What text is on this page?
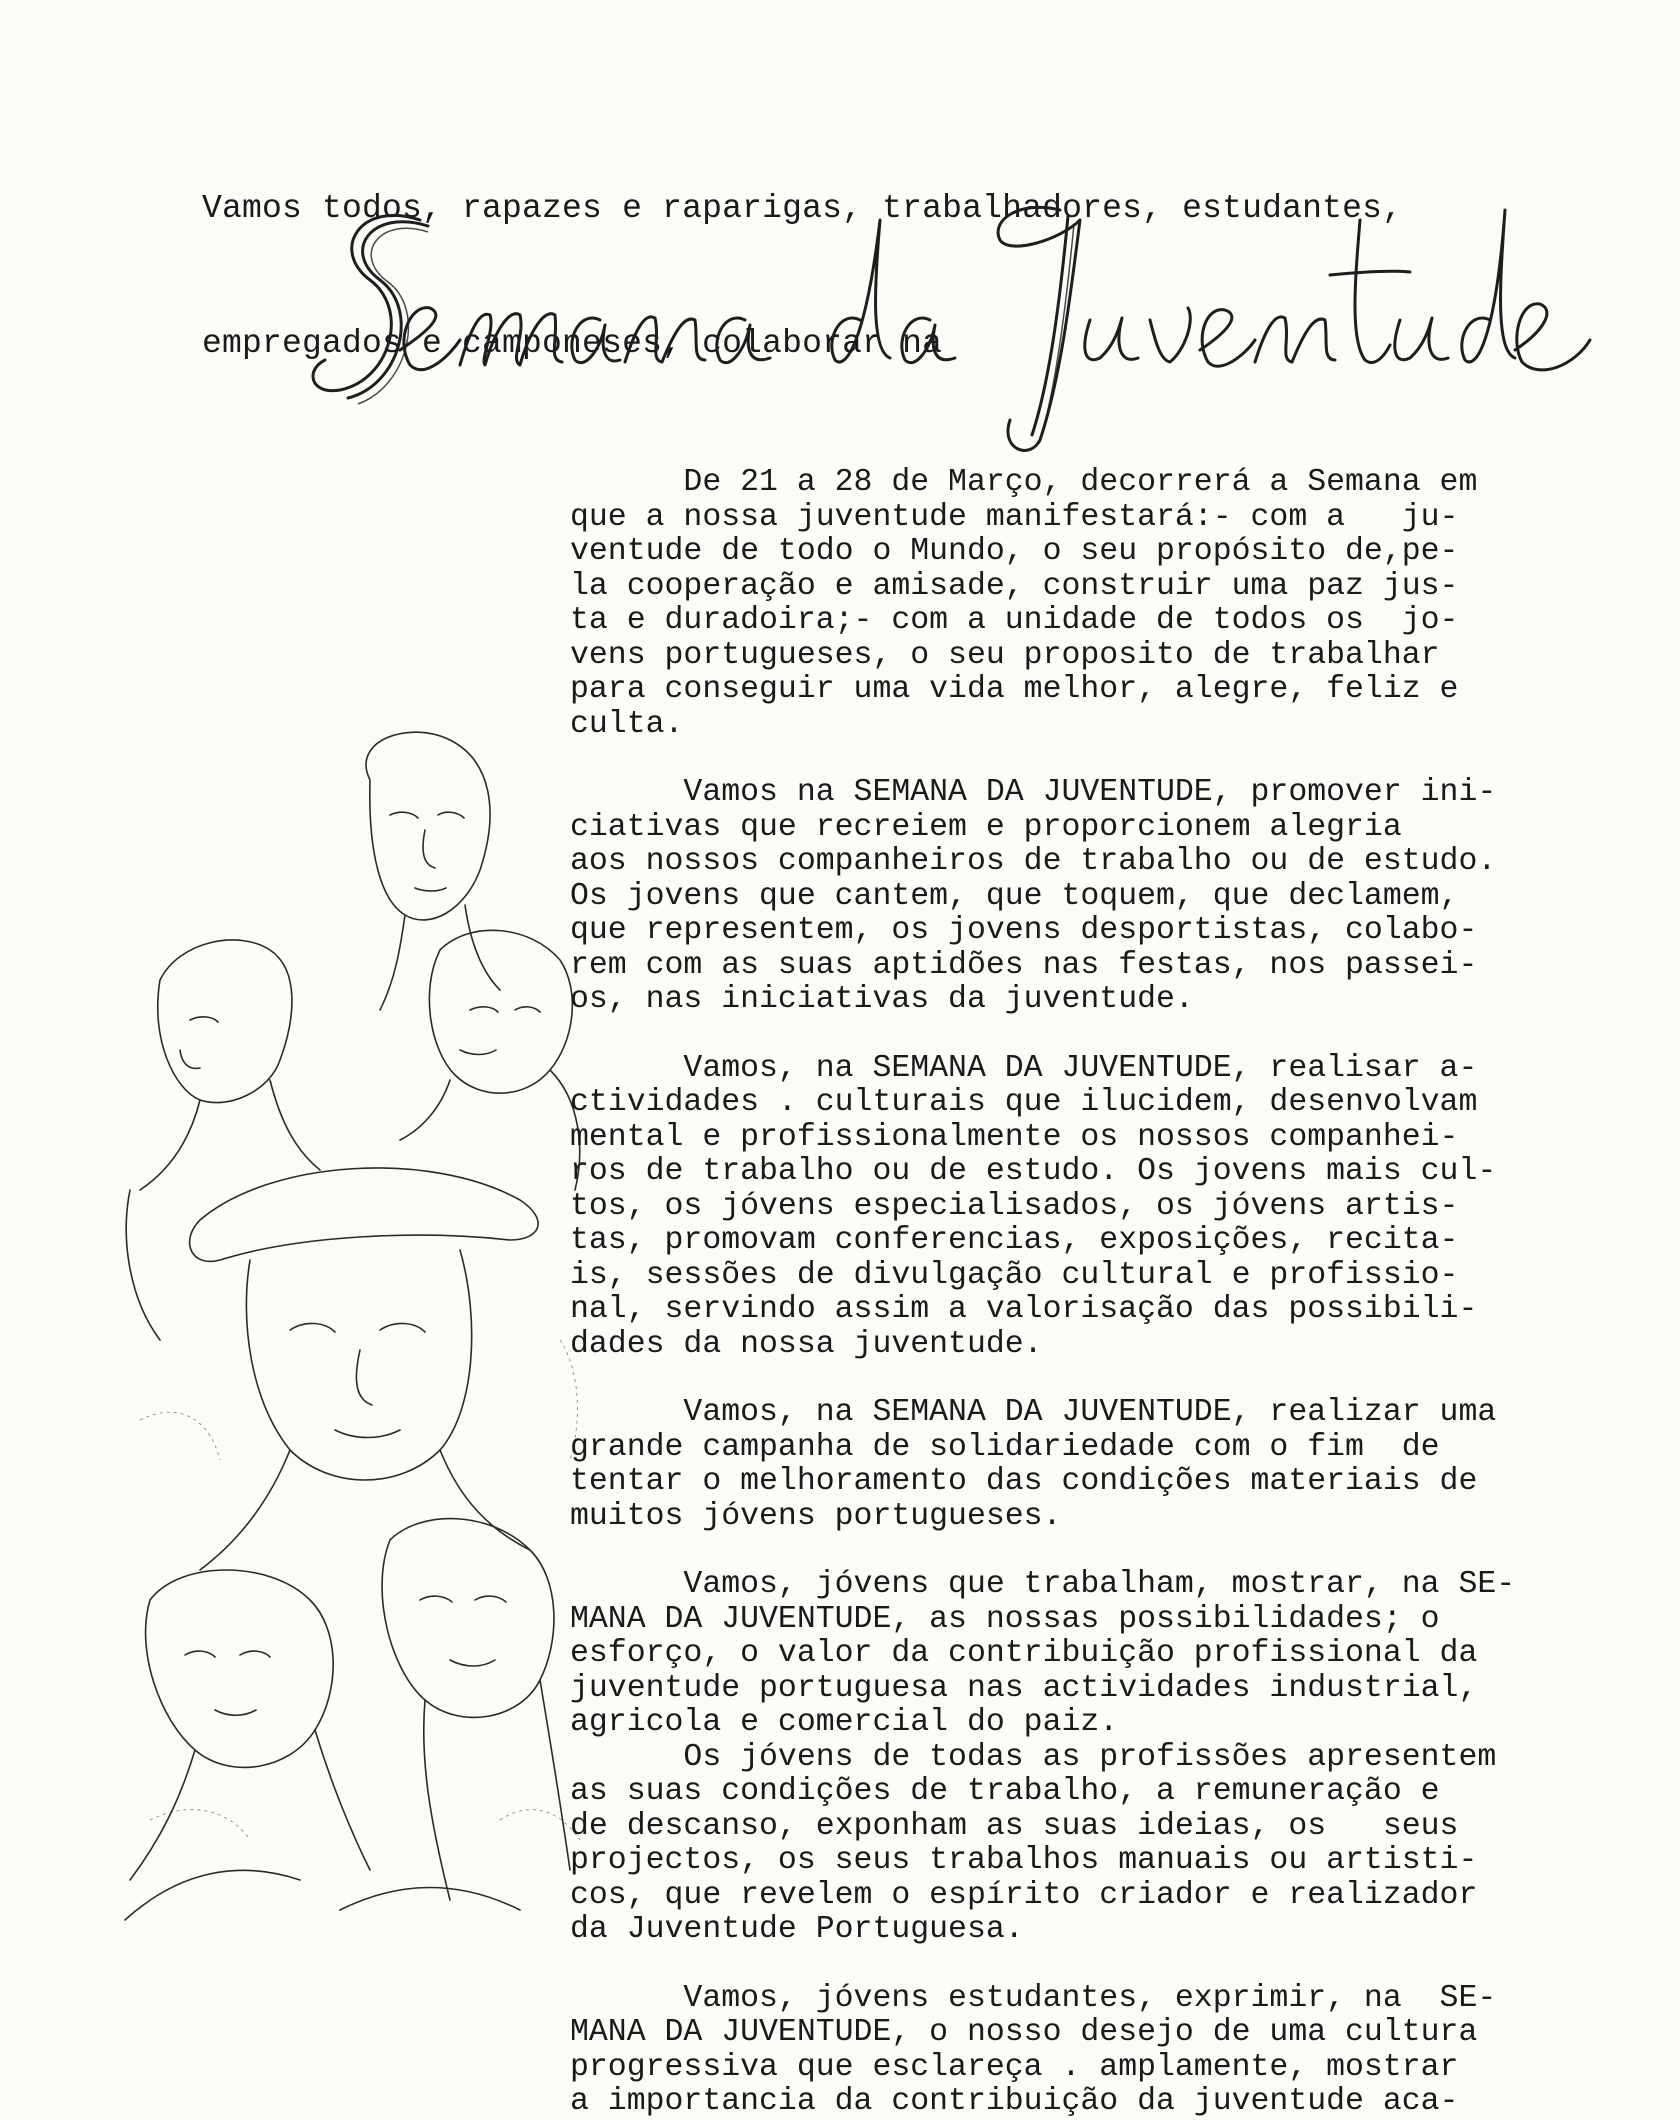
Vamos todos, rapazes e raparigas, trabalhadores, estudantes,

empregados e camponeses, colaborar na

De 21 a 28 de Março, decorrerá a Semana em
que a nossa juventude manifestará:- com a   ju-
ventude de todo o Mundo, o seu propósito de,pe-
la cooperação e amisade, construir uma paz jus-
ta e duradoira;- com a unidade de todos os  jo-
vens portugueses, o seu proposito de trabalhar
para conseguir uma vida melhor, alegre, feliz e
culta.
Vamos na SEMANA DA JUVENTUDE, promover ini-
ciativas que recreiem e proporcionem alegria
aos nossos companheiros de trabalho ou de estudo.
Os jovens que cantem, que toquem, que declamem,
que representem, os jovens desportistas, colabo-
rem com as suas aptidões nas festas, nos passei-
os, nas iniciativas da juventude.
Vamos, na SEMANA DA JUVENTUDE, realisar a-
ctividades . culturais que ilucidem, desenvolvam
mental e profissionalmente os nossos companhei-
ros de trabalho ou de estudo. Os jovens mais cul-
tos, os jóvens especialisados, os jóvens artis-
tas, promovam conferencias, exposições, recita-
is, sessões de divulgação cultural e profissio-
nal, servindo assim a valorisação das possibili-
dades da nossa juventude.
Vamos, na SEMANA DA JUVENTUDE, realizar uma
grande campanha de solidariedade com o fim  de
tentar o melhoramento das condições materiais de
muitos jóvens portugueses.
Vamos, jóvens que trabalham, mostrar, na SE-
MANA DA JUVENTUDE, as nossas possibilidades; o
esforço, o valor da contribuição profissional da
juventude portuguesa nas actividades industrial,
agricola e comercial do paiz.
Os jóvens de todas as profissões apresentem
as suas condições de trabalho, a remuneração e
de descanso, exponham as suas ideias, os   seus
projectos, os seus trabalhos manuais ou artisti-
cos, que revelem o espírito criador e realizador
da Juventude Portuguesa.
Vamos, jóvens estudantes, exprimir, na  SE-
MANA DA JUVENTUDE, o nosso desejo de uma cultura
progressiva que esclareça . amplamente, mostrar
a importancia da contribuição da juventude aca-
